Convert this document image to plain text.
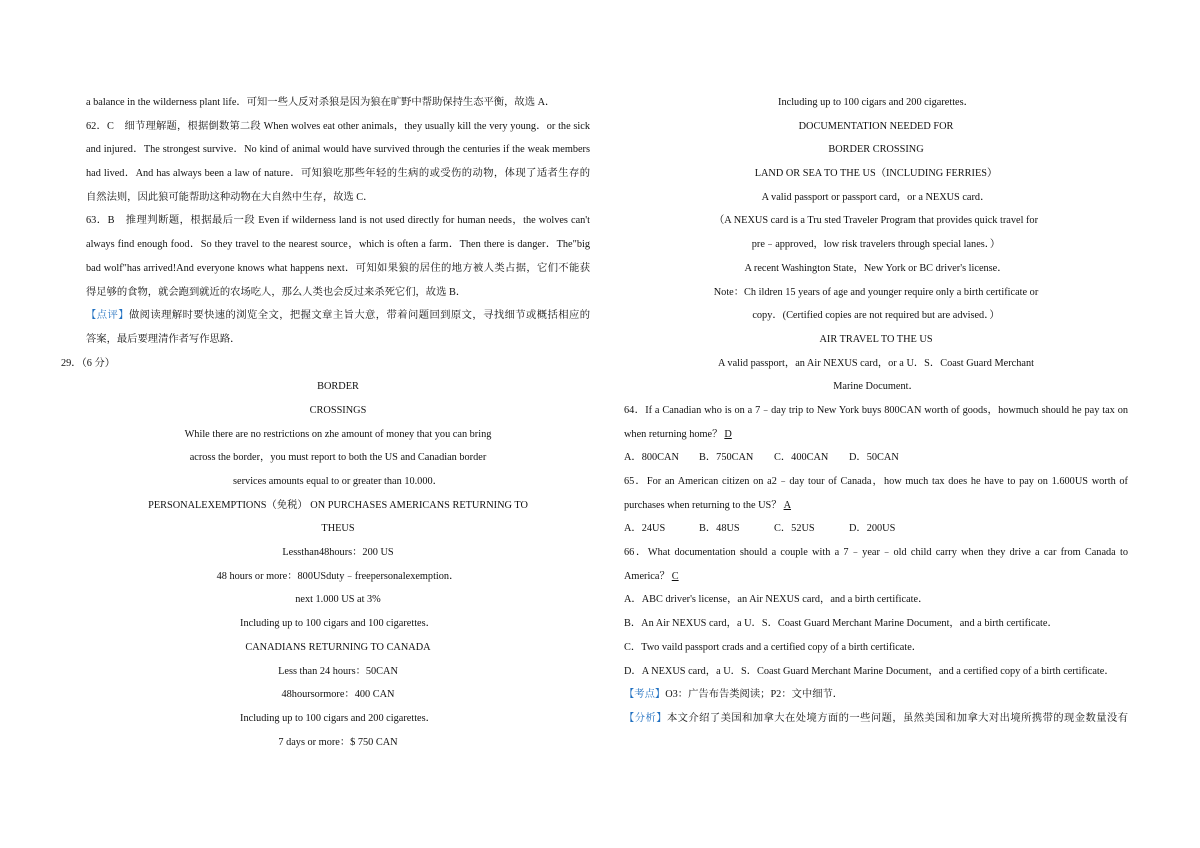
a balance in the wilderness plant life．可知一些人反对杀狼是因为狼在旷野中帮助保持生态平衡，故选 A．
62．C　细节理解题，根据倒数第二段 When wolves eat other animals，they usually kill the very young．or the sick
and injured．The strongest survive．No kind of animal would have survived through the centuries if the weak members
had lived．And has always been a law of nature．可知狼吃那些年轻的生病的或受伤的动物，体现了适者生存的
自然法则，因此狼可能帮助这种动物在大自然中生存，故选 C．
63．B　推理判断题，根据最后一段 Even if wilderness land is not used directly for human needs，the wolves can't
always find enough food．So they travel to the nearest source，which is often a farm．Then there is danger．The"big
bad wolf"has arrived!And everyone knows what happens next．可知如果狼的居住的地方被人类占据，它们不能获
得足够的食物，就会跑到就近的农场吃人，那么人类也会反过来杀死它们，故选 B．
【点评】做阅读理解时要快速的浏览全文，把握文章主旨大意，带着问题回到原文，寻找细节或概括相应的
答案，最后要理清作者写作思路．
29．（6 分）
BORDER
CROSSINGS
While there are no restrictions on zhe amount of money that you can bring
across the border，you must report to both the US and Canadian border
services amounts equal to or greater than 10.000．
PERSONALEXEMPTIONS（免税） ON PURCHASES AMERICANS RETURNING TO
THEUS
Lessthan48hours：200 US
48 hours or more：800USduty﹣freepersonalexemption．
next 1.000 US at 3%
Including up to 100 cigars and 100 cigarettes．
CANADIANS RETURNING TO CANADA
Less than 24 hours：50CAN
48hoursormore：400 CAN
Including up to 100 cigars and 200 cigarettes．
7 days or more：$ 750 CAN
Including up to 100 cigars and 200 cigarettes．
DOCUMENTATION NEEDED FOR
BORDER CROSSING
LAND OR SEA TO THE US（INCLUDING FERRIES）
A valid passport or passport card，or a NEXUS card．
（A NEXUS card is a Tru sted Traveler Program that provides quick travel for
pre﹣approved，low risk travelers through special lanes．）
A recent Washington State，New York or BC driver's license．
Note：Ch ildren 15 years of age and younger require only a birth certificate or
copy．(Certified copies are not required but are advised．）
AIR TRAVEL TO THE US
A valid passport，an Air NEXUS card，or a U．S．Coast Guard Merchant
Marine Document．
64．If a Canadian who is on a 7﹣day trip to New York buys 800CAN worth of goods，howmuch should he pay tax on
when returning home？ D
A．800CAN	B．750CAN	C．400CAN	D．50CAN
65．For an American citizen on a2﹣day tour of Canada，how much tax does he have to pay on 1.600US worth of
purchases when returning to the US？ A
A．24US	B．48US	C．52US	D．200US
66．What documentation should a couple with a 7﹣year﹣old child carry when they drive a car from Canada to
America？ C
A．ABC driver's license，an Air NEXUS card，and a birth certificate．
B．An Air NEXUS card，a U．S．Coast Guard Merchant Marine Document，and a birth certificate．
C．Two vaild passport crads and a certified copy of a birth certificate．
D．A NEXUS card，a U．S．Coast Guard Merchant Marine Document，and a certified copy of a birth certificate．
【考点】O3：广告布告类阅读；P2：文中细节．
【分析】本文介绍了美国和加拿大在处境方面的一些问题，虽然美国和加拿大对出境所携带的现金数量没有
